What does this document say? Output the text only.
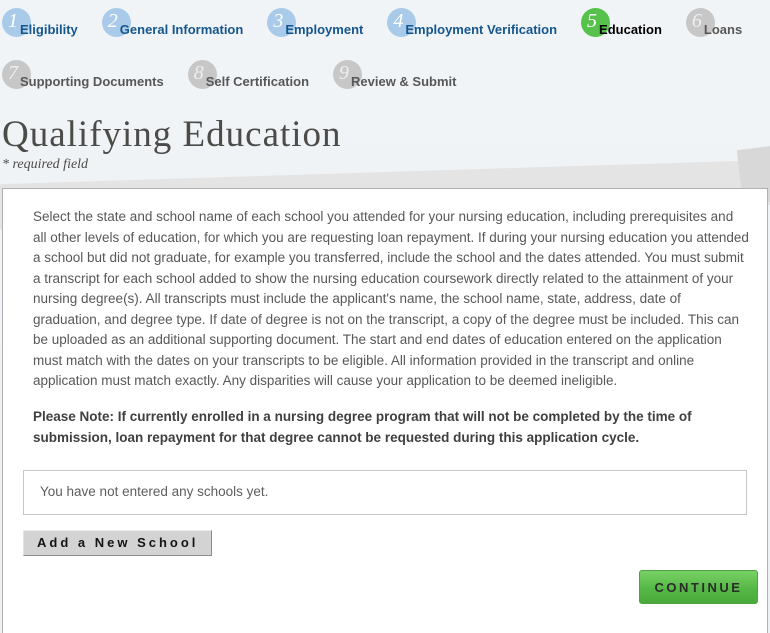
1 Eligibility	2 General Information	3 Employment	4 Employment Verification	5 Education	6 Loans
7 Supporting Documents	8 Self Certification	9 Review & Submit
Qualifying Education
* required field

Select the state and school name of each school you attended for your nursing education, including prerequisites and all other levels of education, for which you are requesting loan repayment. If during your nursing education you attended a school but did not graduate, for example you transferred, include the school and the dates attended. You must submit a transcript for each school added to show the nursing education coursework directly related to the attainment of your nursing degree(s). All transcripts must include the applicant's name, the school name, state, address, date of graduation, and degree type. If date of degree is not on the transcript, a copy of the degree must be included. This can be uploaded as an additional supporting document. The start and end dates of education entered on the application must match with the dates on your transcripts to be eligible. All information provided in the transcript and online application must match exactly. Any disparities will cause your application to be deemed ineligible.

Please Note: If currently enrolled in a nursing degree program that will not be completed by the time of submission, loan repayment for that degree cannot be requested during this application cycle.

You have not entered any schools yet.
Add a New School
CONTINUE
